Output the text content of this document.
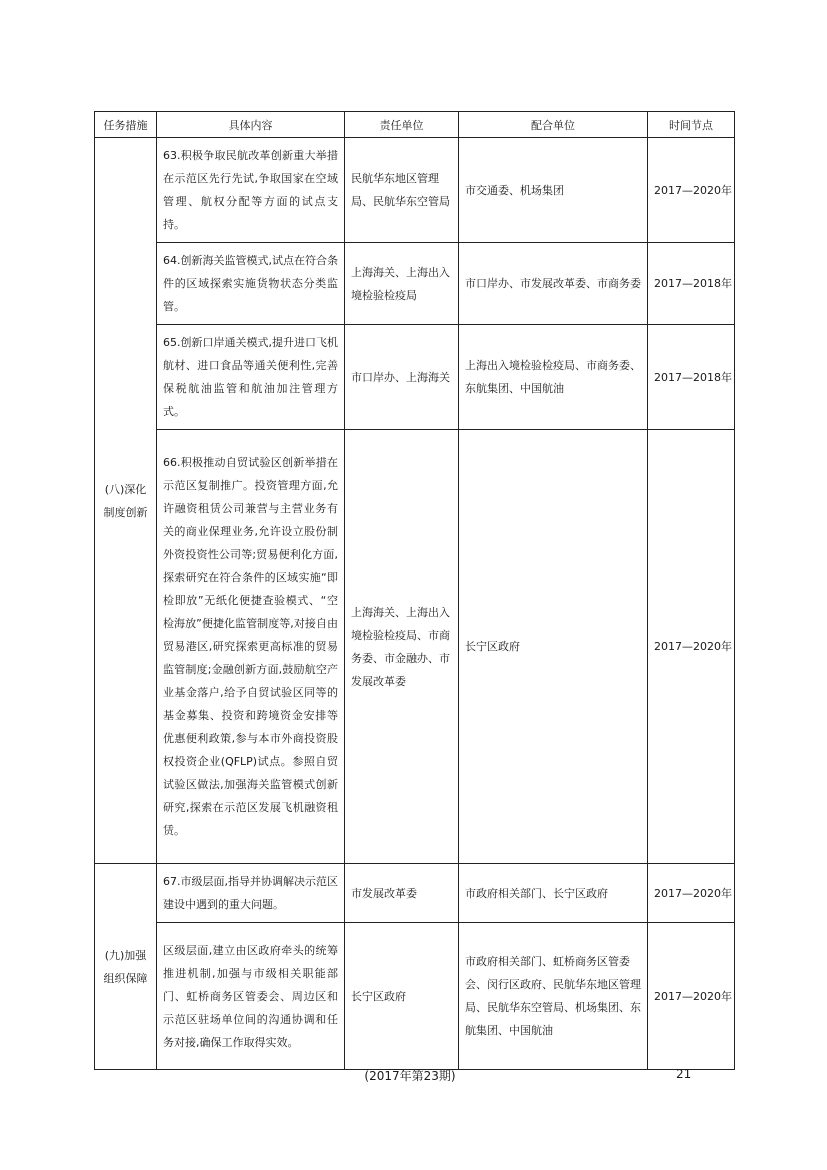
任务措施	具体内容	责任单位	配合单位	时间节点
(八)深化制度创新	63.积极争取民航改革创新重大举措在示范区先行先试,争取国家在空域管理、航权分配等方面的试点支持。	民航华东地区管理局、民航华东空管局	市交通委、机场集团	2017—2020年
	64.创新海关监管模式,试点在符合条件的区域探索实施货物状态分类监管。	上海海关、上海出入境检验检疫局	市口岸办、市发展改革委、市商务委	2017—2018年
	65.创新口岸通关模式,提升进口飞机航材、进口食品等通关便利性,完善保税航油监管和航油加注管理方式。	市口岸办、上海海关	上海出入境检验检疫局、市商务委、东航集团、中国航油	2017—2018年
	66.积极推动自贸试验区创新举措在示范区复制推广。投资管理方面,允许融资租赁公司兼营与主营业务有关的商业保理业务,允许设立股份制外资投资性公司等;贸易便利化方面,探索研究在符合条件的区域实施“即检即放”无纸化便捷查验模式、“空检海放”便捷化监管制度等,对接自由贸易港区,研究探索更高标准的贸易监管制度;金融创新方面,鼓励航空产业基金落户,给予自贸试验区同等的基金募集、投资和跨境资金安排等优惠便利政策,参与本市外商投资股权投资企业(QFLP)试点。参照自贸试验区做法,加强海关监管模式创新研究,探索在示范区发展飞机融资租赁。	上海海关、上海出入境检验检疫局、市商务委、市金融办、市发展改革委	长宁区政府	2017—2020年
(九)加强组织保障	67.市级层面,指导并协调解决示范区建设中遇到的重大问题。	市发展改革委	市政府相关部门、长宁区政府	2017—2020年
	区级层面,建立由区政府牵头的统筹推进机制,加强与市级相关职能部门、虹桥商务区管委会、周边区和示范区驻场单位间的沟通协调和任务对接,确保工作取得实效。	长宁区政府	市政府相关部门、虹桥商务区管委会、闵行区政府、民航华东地区管理局、民航华东空管局、机场集团、东航集团、中国航油	2017—2020年
(2017年第23期)	21
